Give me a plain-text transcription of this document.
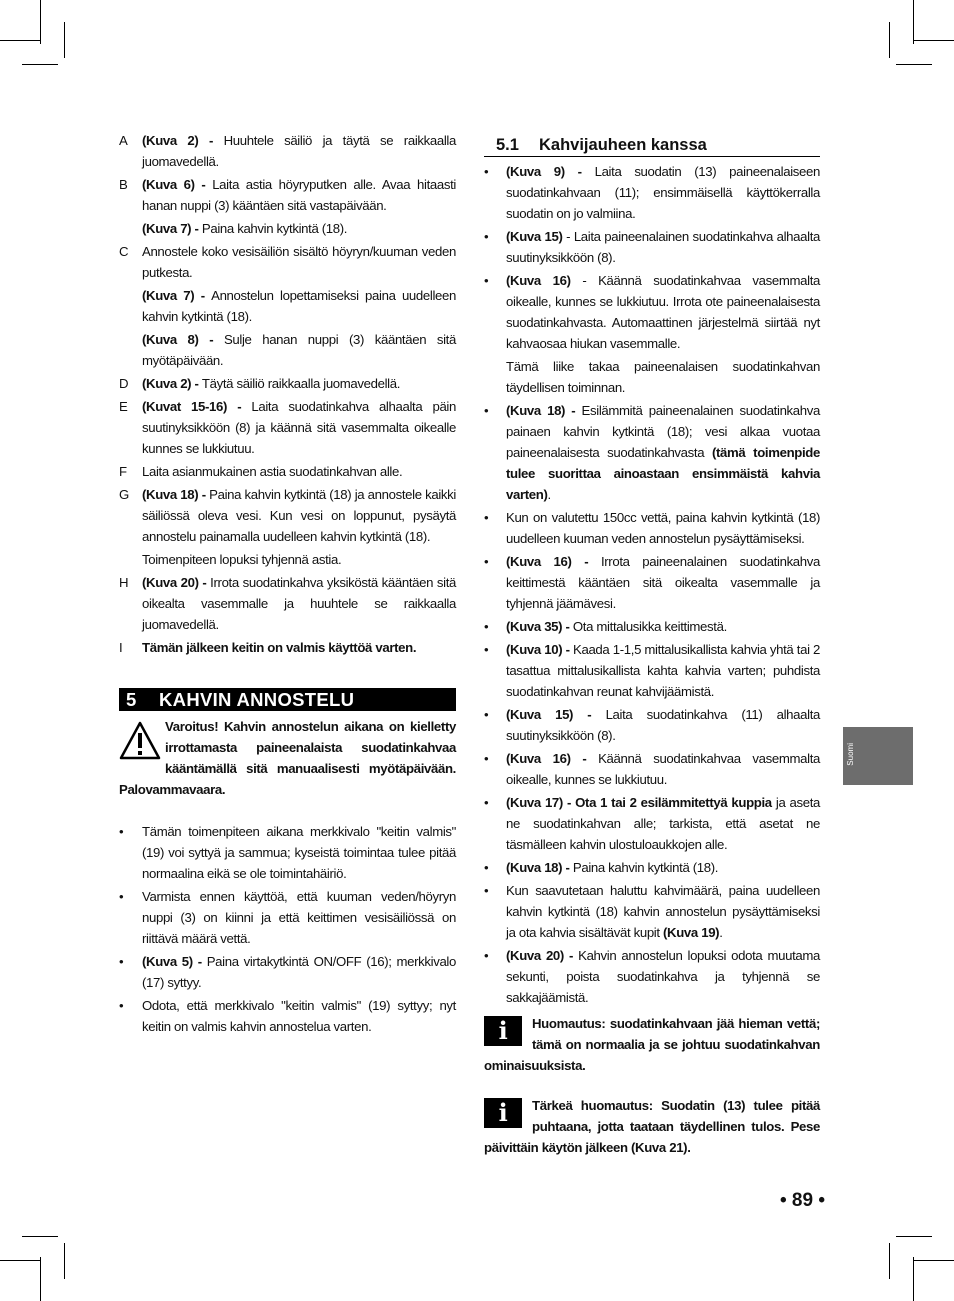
A (Kuva 2) - Huuhtele säiliö ja täytä se raikkaalla juomavedellä.
B (Kuva 6) - Laita astia höyryputken alle. Avaa hitaasti hanan nuppi (3) kääntäen sitä vastapäivään.
(Kuva 7) - Paina kahvin kytkintä (18).
C Annostele koko vesisäiliön sisältö höyryn/kuuman veden putkesta.
(Kuva 7) - Annostelun lopettamiseksi paina uudelleen kahvin kytkintä (18).
(Kuva 8) - Sulje hanan nuppi (3) kääntäen sitä myötäpäivään.
D (Kuva 2) - Täytä säiliö raikkaalla juomavedellä.
E (Kuvat 15-16) - Laita suodatinkahva alhaalta päin suutinyksikköön (8) ja käännä sitä vasemmalta oikealle kunnes se lukkiutuu.
F Laita asianmukainen astia suodatinkahvan alle.
G (Kuva 18) - Paina kahvin kytkintä (18) ja annostele kaikki säiliössä oleva vesi. Kun vesi on loppunut, pysäytä annostelu painamalla uudelleen kahvin kytkintä (18).
Toimenpiteen lopuksi tyhjennä astia.
H (Kuva 20) - Irrota suodatinkahva yksiköstä kääntäen sitä oikealta vasemmalle ja huuhtele se raikkaalla juomavedellä.
I Tämän jälkeen keitin on valmis käyttöä varten.
5 KAHVIN ANNOSTELU
Varoitus! Kahvin annostelun aikana on kielletty irrottamasta paineenalaista suodatinkahvaa kääntämällä sitä manuaalisesti myötäpäivään. Palovammavaara.
• Tämän toimenpiteen aikana merkkivalo "keitin valmis" (19) voi syttyä ja sammua; kyseistä toimintaa tulee pitää normaalina eikä se ole toimintahäiriö.
• Varmista ennen käyttöä, että kuuman veden/höyryn nuppi (3) on kiinni ja että keittimen vesisäiliössä on riittävä määrä vettä.
• (Kuva 5) - Paina virtakytkintä ON/OFF (16); merkkivalo (17) syttyy.
• Odota, että merkkivalo "keitin valmis" (19) syttyy; nyt keitin on valmis kahvin annostelua varten.
5.1 Kahvijauheen kanssa
• (Kuva 9) - Laita suodatin (13) paineenalaiseen suodatinkahvaan (11); ensimmäisellä käyttökerralla suodatin on jo valmiina.
• (Kuva 15) - Laita paineenalainen suodatinkahva alhaalta suutinyksikköön (8).
• (Kuva 16) - Käännä suodatinkahvaa vasemmalta oikealle, kunnes se lukkiutuu. Irrota ote paineenalaisesta suodatinkahvasta. Automaattinen järjestelmä siirtää nyt kahvaosaa hiukan vasemmalle.
Tämä liike takaa paineenalaisen suodatinkahvan täydellisen toiminnan.
• (Kuva 18) - Esilämmitä paineenalainen suodatinkahva painaen kahvin kytkintä (18); vesi alkaa vuotaa paineenalaisesta suodatinkahvasta (tämä toimenpide tulee suorittaa ainoastaan ensimmäistä kahvia varten).
• Kun on valutettu 150cc vettä, paina kahvin kytkintä (18) uudelleen kuuman veden annostelun pysäyttämiseksi.
• (Kuva 16) - Irrota paineenalainen suodatinkahva keittimestä kääntäen sitä oikealta vasemmalle ja tyhjennä jäämävesi.
• (Kuva 35) - Ota mittalusikka keittimestä.
• (Kuva 10) - Kaada 1-1,5 mittalusikallista kahvia yhtä tai 2 tasattua mittalusikallista kahta kahvia varten; puhdista suodatinkahvan reunat kahvijäämistä.
• (Kuva 15) - Laita suodatinkahva (11) alhaalta suutinyksikköön (8).
• (Kuva 16) - Käännä suodatinkahvaa vasemmalta oikealle, kunnes se lukkiutuu.
• (Kuva 17) - Ota 1 tai 2 esilämmitettyä kuppia ja aseta ne suodatinkahvan alle; tarkista, että asetat ne täsmälleen kahvin ulostuloaukkojen alle.
• (Kuva 18) - Paina kahvin kytkintä (18).
• Kun saavutetaan haluttu kahvimäärä, paina uudelleen kahvin kytkintä (18) kahvin annostelun pysäyttämiseksi ja ota kahvia sisältävät kupit (Kuva 19).
• (Kuva 20) - Kahvin annostelun lopuksi odota muutama sekunti, poista suodatinkahva ja tyhjennä se sakkajäämistä.
i	Huomautus: suodatinkahvaan jää hieman vettä; tämä on normaalia ja se johtuu suodatinkahvan ominaisuuksista.
i	Tärkeä huomautus: Suodatin (13) tulee pitää puhtaana, jotta taataan täydellinen tulos. Pese päivittäin käytön jälkeen (Kuva 21).
Suomi
• 89 •
